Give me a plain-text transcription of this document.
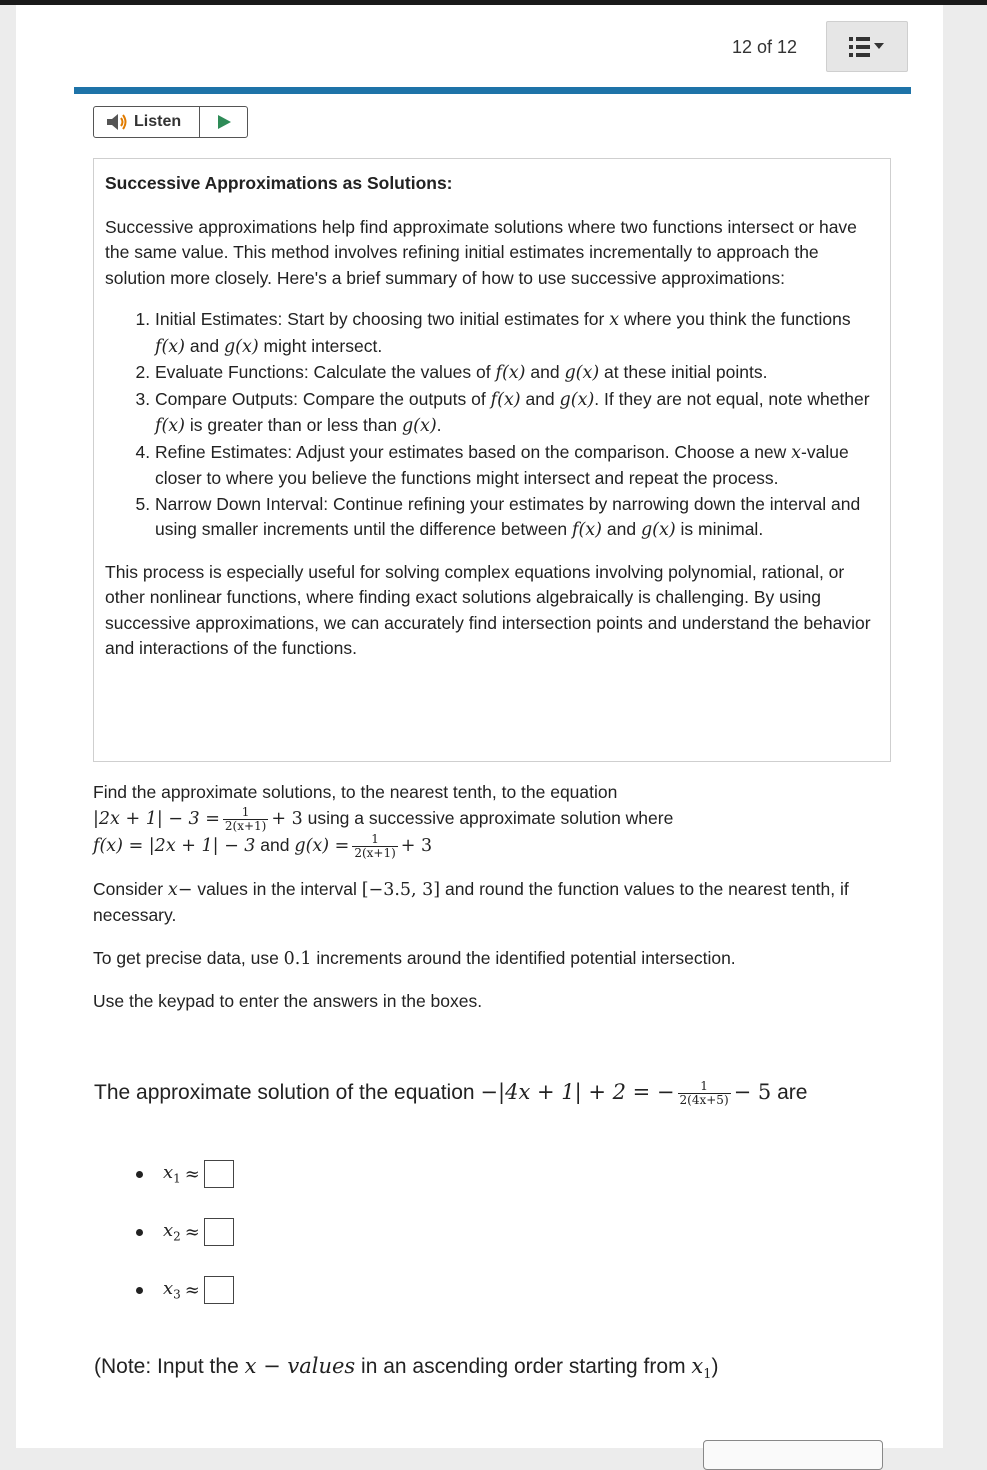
12 of 12
Listen
Successive Approximations as Solutions:

Successive approximations help find approximate solutions where two functions intersect or have the same value. This method involves refining initial estimates incrementally to approach the solution more closely. Here's a brief summary of how to use successive approximations:

1. Initial Estimates: Start by choosing two initial estimates for x where you think the functions f(x) and g(x) might intersect.
2. Evaluate Functions: Calculate the values of f(x) and g(x) at these initial points.
3. Compare Outputs: Compare the outputs of f(x) and g(x). If they are not equal, note whether f(x) is greater than or less than g(x).
4. Refine Estimates: Adjust your estimates based on the comparison. Choose a new x-value closer to where you believe the functions might intersect and repeat the process.
5. Narrow Down Interval: Continue refining your estimates by narrowing down the interval and using smaller increments until the difference between f(x) and g(x) is minimal.

This process is especially useful for solving complex equations involving polynomial, rational, or other nonlinear functions, where finding exact solutions algebraically is challenging. By using successive approximations, we can accurately find intersection points and understand the behavior and interactions of the functions.

Find the approximate solutions, to the nearest tenth, to the equation
$|2x + 1| - 3 = \frac{1}{2(x+1)} + 3$ using a successive approximate solution where
f(x) = |2x + 1| − 3 and $g(x) = \frac{1}{2(x+1)} + 3$

Consider x− values in the interval [−3.5, 3] and round the function values to the nearest tenth, if necessary.

To get precise data, use 0.1 increments around the identified potential intersection.

Use the keypad to enter the answers in the boxes.

The approximate solution of the equation −|4x + 1| + 2 = − $\frac{1}{2(4x+5)} - 5$ are
$x_1$ ≈
$x_2$ ≈
$x_3$ ≈
(Note: Input the x − values in an ascending order starting from $x_1$)
